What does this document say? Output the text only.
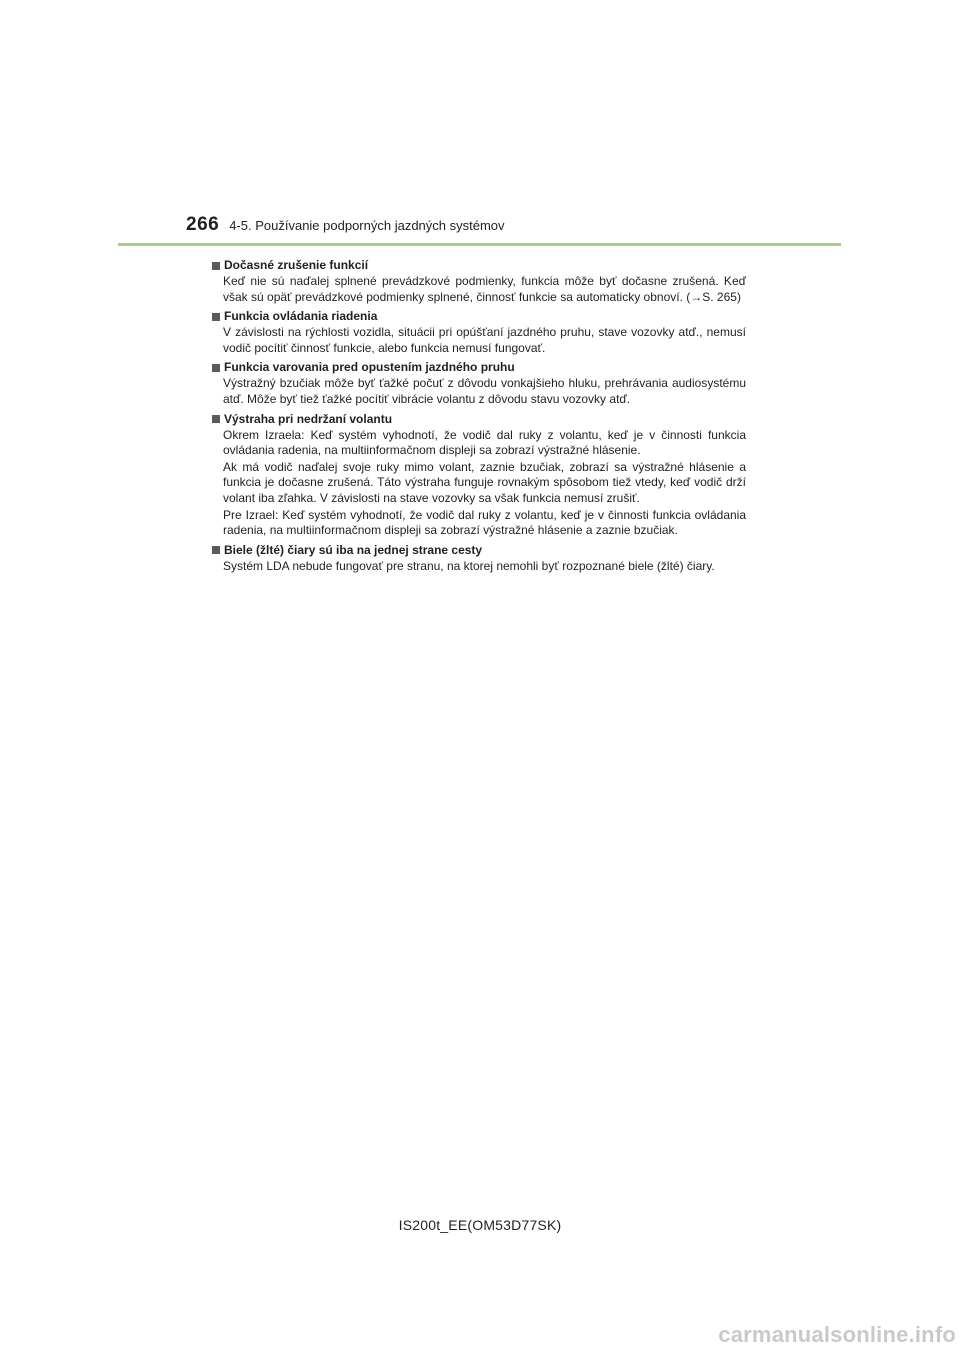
266 4-5. Používanie podporných jazdných systémov
Dočasné zrušenie funkcií

Keď nie sú naďalej splnené prevádzkové podmienky, funkcia môže byť dočasne zrušená. Keď však sú opäť prevádzkové podmienky splnené, činnosť funkcie sa automaticky obnoví. (→S. 265)

Funkcia ovládania riadenia

V závislosti na rýchlosti vozidla, situácii pri opúšťaní jazdného pruhu, stave vozovky atď., nemusí vodič pocítiť činnosť funkcie, alebo funkcia nemusí fungovať.

Funkcia varovania pred opustením jazdného pruhu

Výstražný bzučiak môže byť ťažké počuť z dôvodu vonkajšieho hluku, prehrávania audiosystému atď. Môže byť tiež ťažké pocítiť vibrácie volantu z dôvodu stavu vozovky atď.

Výstraha pri nedržaní volantu

Okrem Izraela: Keď systém vyhodnotí, že vodič dal ruky z volantu, keď je v činnosti funkcia ovládania radenia, na multiinformačnom displeji sa zobrazí výstražné hlásenie.

Ak má vodič naďalej svoje ruky mimo volant, zaznie bzučiak, zobrazí sa výstražné hlásenie a funkcia je dočasne zrušená. Táto výstraha funguje rovnakým spôsobom tiež vtedy, keď vodič drží volant iba zľahka. V závislosti na stave vozovky sa však funkcia nemusí zrušiť.

Pre Izrael: Keď systém vyhodnotí, že vodič dal ruky z volantu, keď je v činnosti funkcia ovládania radenia, na multiinformačnom displeji sa zobrazí výstražné hlásenie a zaznie bzučiak.

Biele (žlté) čiary sú iba na jednej strane cesty

Systém LDA nebude fungovať pre stranu, na ktorej nemohli byť rozpoznané biele (žlté) čiary.

IS200t_EE(OM53D77SK)
carmanualsonline.info
